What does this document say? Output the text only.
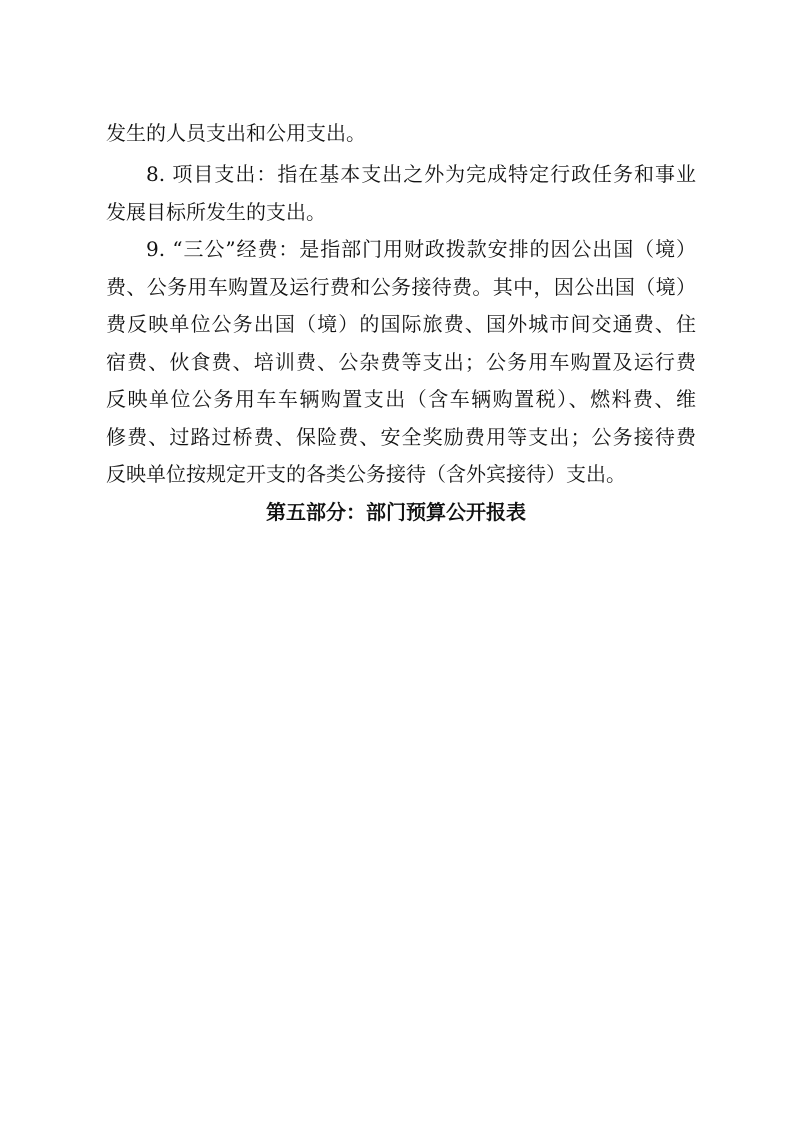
发生的人员支出和公用支出。
8. 项目支出：指在基本支出之外为完成特定行政任务和事业
发展目标所发生的支出。
9. “三公”经费：是指部门用财政拨款安排的因公出国（境）
费、公务用车购置及运行费和公务接待费。其中，因公出国（境）
费反映单位公务出国（境）的国际旅费、国外城市间交通费、住
宿费、伙食费、培训费、公杂费等支出；公务用车购置及运行费
反映单位公务用车车辆购置支出（含车辆购置税）、燃料费、维
修费、过路过桥费、保险费、安全奖励费用等支出；公务接待费
反映单位按规定开支的各类公务接待（含外宾接待）支出。
第五部分：部门预算公开报表
